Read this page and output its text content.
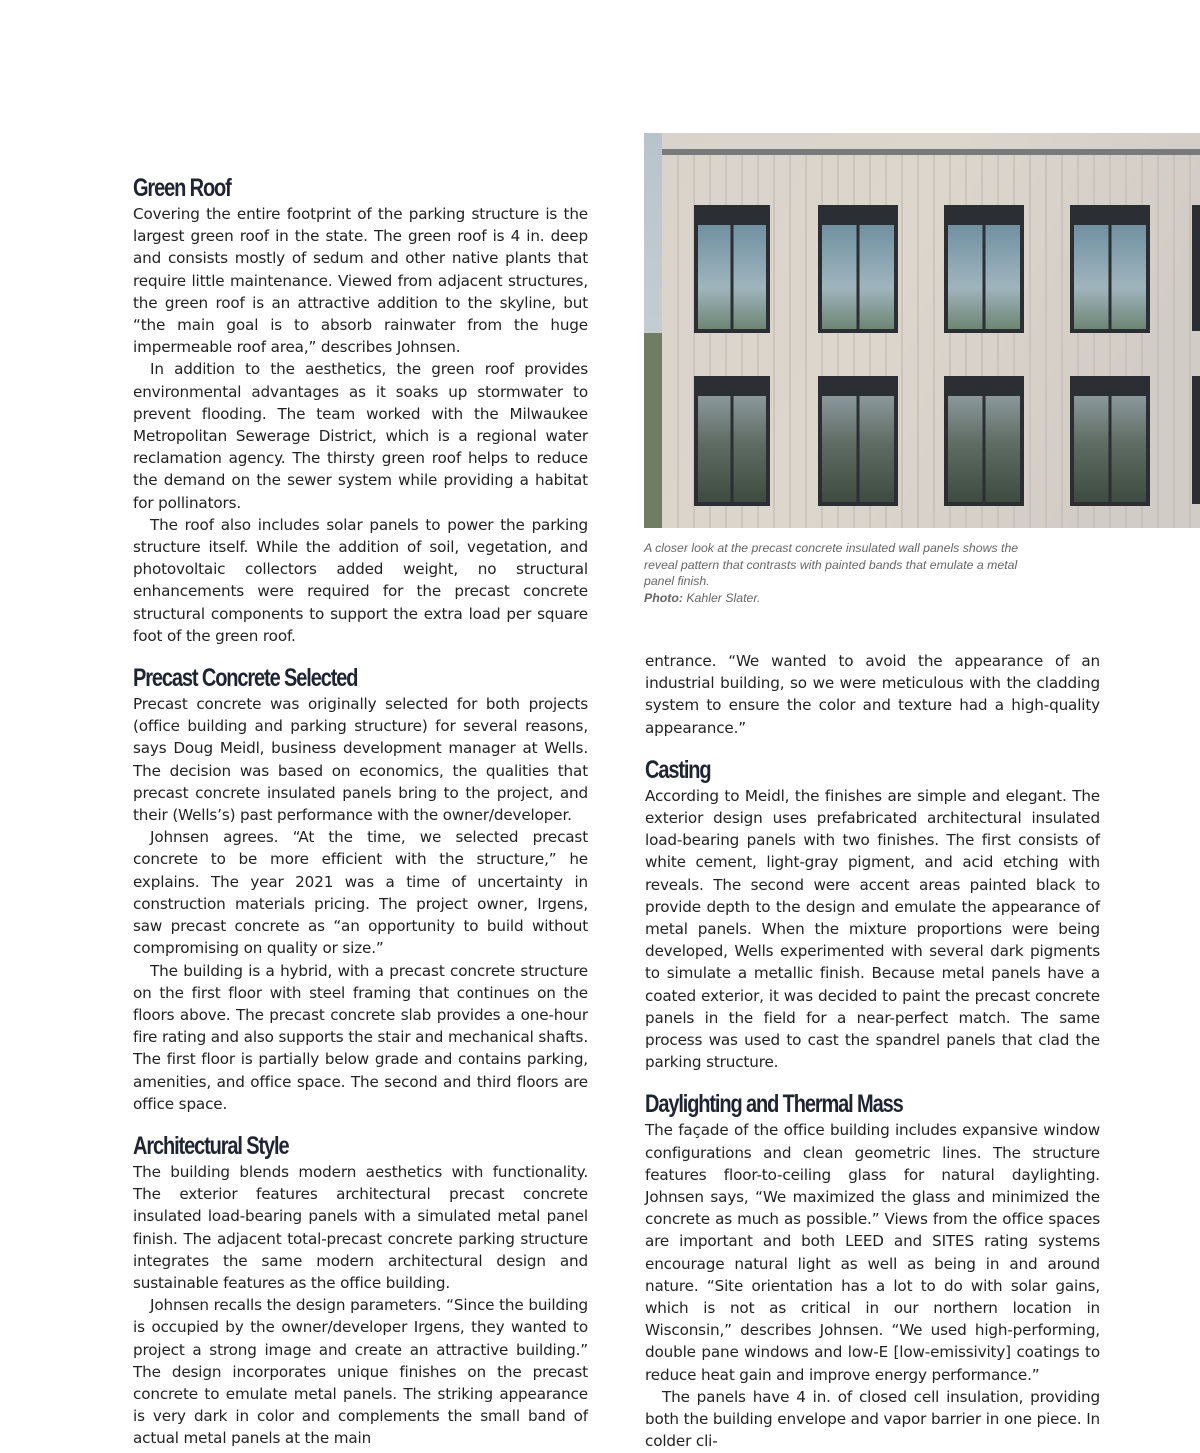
Green Roof

Covering the entire footprint of the parking structure is the largest green roof in the state. The green roof is 4 in. deep and consists mostly of sedum and other native plants that require little maintenance. Viewed from adjacent structures, the green roof is an attractive addition to the skyline, but “the main goal is to absorb rainwater from the huge impermeable roof area,” describes Johnsen.

In addition to the aesthetics, the green roof provides environmental advantages as it soaks up stormwater to prevent flooding. The team worked with the Milwaukee Metropolitan Sewerage District, which is a regional water reclamation agency. The thirsty green roof helps to reduce the demand on the sewer system while providing a habitat for pollinators.

The roof also includes solar panels to power the parking structure itself. While the addition of soil, vegetation, and photovoltaic collectors added weight, no structural enhancements were required for the precast concrete structural components to support the extra load per square foot of the green roof.

Precast Concrete Selected

Precast concrete was originally selected for both projects (office building and parking structure) for several reasons, says Doug Meidl, business development manager at Wells. The decision was based on economics, the qualities that precast concrete insulated panels bring to the project, and their (Wells’s) past performance with the owner/developer.

Johnsen agrees. “At the time, we selected precast concrete to be more efficient with the structure,” he explains. The year 2021 was a time of uncertainty in construction materials pricing. The project owner, Irgens, saw precast concrete as “an opportunity to build without compromising on quality or size.”

The building is a hybrid, with a precast concrete structure on the first floor with steel framing that continues on the floors above. The precast concrete slab provides a one-hour fire rating and also supports the stair and mechanical shafts. The first floor is partially below grade and contains parking, amenities, and office space. The second and third floors are office space.

Architectural Style

The building blends modern aesthetics with functionality. The exterior features architectural precast concrete insulated load-bearing panels with a simulated metal panel finish. The adjacent total-precast concrete parking structure integrates the same modern architectural design and sustainable features as the office building.

Johnsen recalls the design parameters. “Since the building is occupied by the owner/developer Irgens, they wanted to project a strong image and create an attractive building.” The design incorporates unique finishes on the precast concrete to emulate metal panels. The striking appearance is very dark in color and complements the small band of actual metal panels at the main

A closer look at the precast concrete insulated wall panels shows the reveal pattern that contrasts with painted bands that emulate a metal panel finish.
Photo: Kahler Slater.

entrance. “We wanted to avoid the appearance of an industrial building, so we were meticulous with the cladding system to ensure the color and texture had a high-quality appearance.”

Casting

According to Meidl, the finishes are simple and elegant. The exterior design uses prefabricated architectural insulated load-bearing panels with two finishes. The first consists of white cement, light-gray pigment, and acid etching with reveals. The second were accent areas painted black to provide depth to the design and emulate the appearance of metal panels. When the mixture proportions were being developed, Wells experimented with several dark pigments to simulate a metallic finish. Because metal panels have a coated exterior, it was decided to paint the precast concrete panels in the field for a near-perfect match. The same process was used to cast the spandrel panels that clad the parking structure.

Daylighting and Thermal Mass

The façade of the office building includes expansive window configurations and clean geometric lines. The structure features floor-to-ceiling glass for natural daylighting. Johnsen says, “We maximized the glass and minimized the concrete as much as possible.” Views from the office spaces are important and both LEED and SITES rating systems encourage natural light as well as being in and around nature. “Site orientation has a lot to do with solar gains, which is not as critical in our northern location in Wisconsin,” describes Johnsen. “We used high-performing, double pane windows and low-E [low-emissivity] coatings to reduce heat gain and improve energy performance.”

The panels have 4 in. of closed cell insulation, providing both the building envelope and vapor barrier in one piece. In colder cli-
